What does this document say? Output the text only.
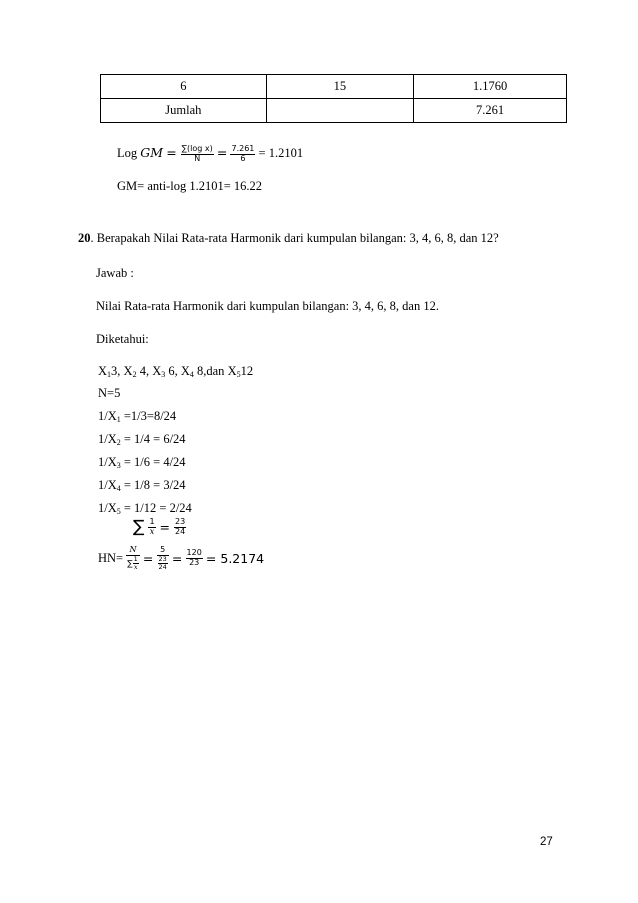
6	15	1.1760
Jumlah		7.261
Log GM = $\frac{\text{∑(log x)}}{N} = \frac{7.261}{6} = 1.2101$
GM= anti-log 1.2101= 16.22
20. Berapakah Nilai Rata-rata Harmonik dari kumpulan bilangan: 3, 4, 6, 8, dan 12?
Jawab :
Nilai Rata-rata Harmonik dari kumpulan bilangan: 3, 4, 6, 8, dan 12.
Diketahui:
$X_13$, $X_2$ 4, $X_3$ 6, $X_4$ 8,dan $X_512$
N=5
$1/X_1 =1/3=8/24$
$1/X_2 = 1/4 = 6/24$
$1/X_3 = 1/6 = 4/24$
$1/X_4 = 1/8 = 3/24$
$1/X_5 = 1/12 = 2/24$
∑ $\frac{1}{x} = \frac{23}{24}$
$HN= \frac{N}{\sum \frac{1}{x}} = \frac{5}{\frac{23}{24}} = \frac{120}{23} = 5.2174$
27
